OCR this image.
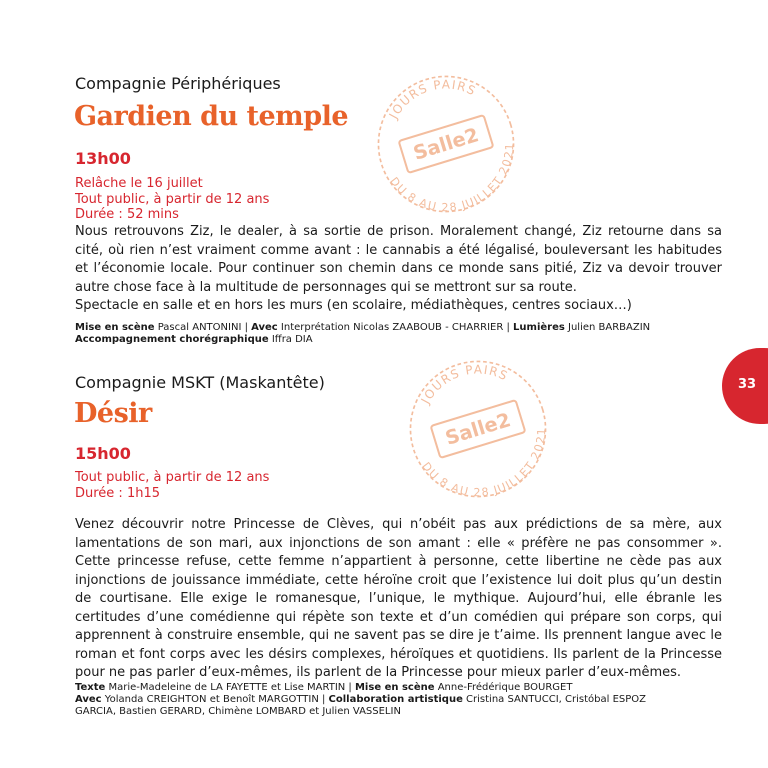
Compagnie Périphériques
Gardien du temple
13h00
Relâche le 16 juillet
Tout public, à partir de 12 ans
Durée : 52 mins

Nous retrouvons Ziz, le dealer, à sa sortie de prison. Moralement changé, Ziz retourne dans sa cité, où rien n’est vraiment comme avant : le cannabis a été légalisé, bouleversant les habitudes et l’économie locale. Pour continuer son chemin dans ce monde sans pitié, Ziz va devoir trouver autre chose face à la multitude de personnages qui se mettront sur sa route.

Spectacle en salle et en hors les murs (en scolaire, médiathèques, centres sociaux…)

Mise en scène Pascal ANTONINI | Avec Interprétation Nicolas ZAABOUB - CHARRIER | Lumières Julien BARBAZIN

Accompagnement chorégraphique Iffra DIA

JOURS PAIRS
DU 8 AU 28 JUILLET 2021
Salle2
Compagnie MSKT (Maskantête)
Désir
15h00
Tout public, à partir de 12 ans
Durée : 1h15

Venez découvrir notre Princesse de Clèves, qui n’obéit pas aux prédictions de sa mère, aux lamentations de son mari, aux injonctions de son amant : elle « préfère ne pas consommer ». Cette princesse refuse, cette femme n’appartient à personne, cette libertine ne cède pas aux injonctions de jouissance immédiate, cette héroïne croit que l’existence lui doit plus qu’un destin de courtisane. Elle exige le romanesque, l’unique, le mythique. Aujourd’hui, elle ébranle les certitudes d’une comédienne qui répète son texte et d’un comédien qui prépare son corps, qui apprennent à construire ensemble, qui ne savent pas se dire je t’aime. Ils prennent langue avec le roman et font corps avec les désirs complexes, héroïques et quotidiens. Ils parlent de la Princesse pour ne pas parler d’eux-mêmes, ils parlent de la Princesse pour mieux parler d’eux-mêmes.

Texte Marie-Madeleine de LA FAYETTE et Lise MARTIN | Mise en scène Anne-Frédérique BOURGET

Avec Yolanda CREIGHTON et Benoît MARGOTTIN | Collaboration artistique Cristina SANTUCCI, Cristóbal ESPOZ GARCIA, Bastien GERARD, Chimène LOMBARD et Julien VASSELIN

JOURS PAIRS
DU 8 AU 28 JUILLET 2021
Salle2
33
